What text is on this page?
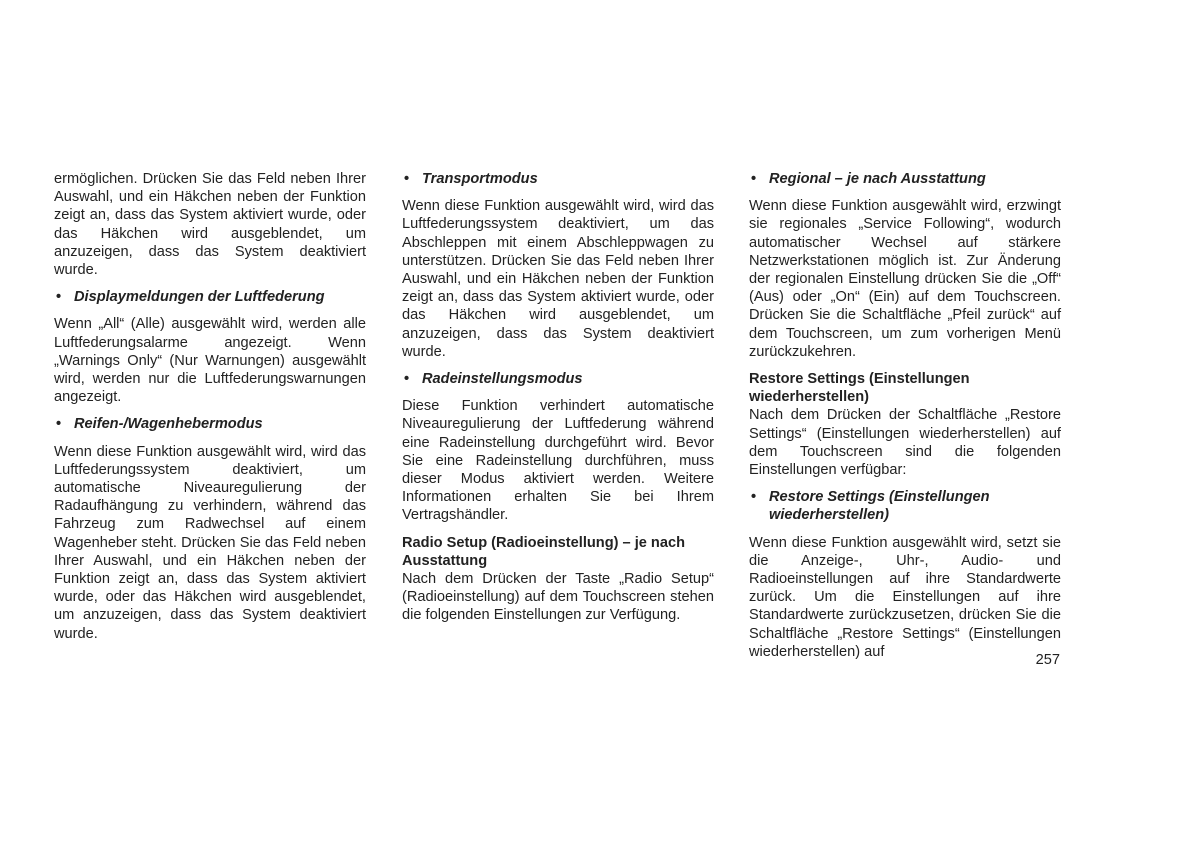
ermöglichen. Drücken Sie das Feld neben Ihrer Auswahl, und ein Häkchen neben der Funktion zeigt an, dass das System aktiviert wurde, oder das Häkchen wird ausgeblendet, um anzuzeigen, dass das System deaktiviert wurde.

• Displaymeldungen der Luftfederung

Wenn „All“ (Alle) ausgewählt wird, werden alle Luftfederungsalarme angezeigt. Wenn „Warnings Only“ (Nur Warnungen) ausgewählt wird, werden nur die Luftfederungswarnungen angezeigt.

• Reifen-/Wagenhebermodus

Wenn diese Funktion ausgewählt wird, wird das Luftfederungssystem deaktiviert, um automatische Niveauregulierung der Radaufhängung zu verhindern, während das Fahrzeug zum Radwechsel auf einem Wagenheber steht. Drücken Sie das Feld neben Ihrer Auswahl, und ein Häkchen neben der Funktion zeigt an, dass das System aktiviert wurde, oder das Häkchen wird ausgeblendet, um anzuzeigen, dass das System deaktiviert wurde.

• Transportmodus

Wenn diese Funktion ausgewählt wird, wird das Luftfederungssystem deaktiviert, um das Abschleppen mit einem Abschleppwagen zu unterstützen. Drücken Sie das Feld neben Ihrer Auswahl, und ein Häkchen neben der Funktion zeigt an, dass das System aktiviert wurde, oder das Häkchen wird ausgeblendet, um anzuzeigen, dass das System deaktiviert wurde.

• Radeinstellungsmodus

Diese Funktion verhindert automatische Niveauregulierung der Luftfederung während eine Radeinstellung durchgeführt wird. Bevor Sie eine Radeinstellung durchführen, muss dieser Modus aktiviert werden. Weitere Informationen erhalten Sie bei Ihrem Vertragshändler.

Radio Setup (Radioeinstellung) – je nach Ausstattung

Nach dem Drücken der Taste „Radio Setup“ (Radioeinstellung) auf dem Touchscreen stehen die folgenden Einstellungen zur Verfügung.

• Regional – je nach Ausstattung

Wenn diese Funktion ausgewählt wird, erzwingt sie regionales „Service Following“, wodurch automatischer Wechsel auf stärkere Netzwerkstationen möglich ist. Zur Änderung der regionalen Einstellung drücken Sie die „Off“ (Aus) oder „On“ (Ein) auf dem Touchscreen. Drücken Sie die Schaltfläche „Pfeil zurück“ auf dem Touchscreen, um zum vorherigen Menü zurückzukehren.

Restore Settings (Einstellungen wiederherstellen)

Nach dem Drücken der Schaltfläche „Restore Settings“ (Einstellungen wiederherstellen) auf dem Touchscreen sind die folgenden Einstellungen verfügbar:

• Restore Settings (Einstellungen wiederherstellen)

Wenn diese Funktion ausgewählt wird, setzt sie die Anzeige-, Uhr-, Audio- und Radioeinstellungen auf ihre Standardwerte zurück. Um die Einstellungen auf ihre Standardwerte zurückzusetzen, drücken Sie die Schaltfläche „Restore Settings“ (Einstellungen wiederherstellen) auf

257
